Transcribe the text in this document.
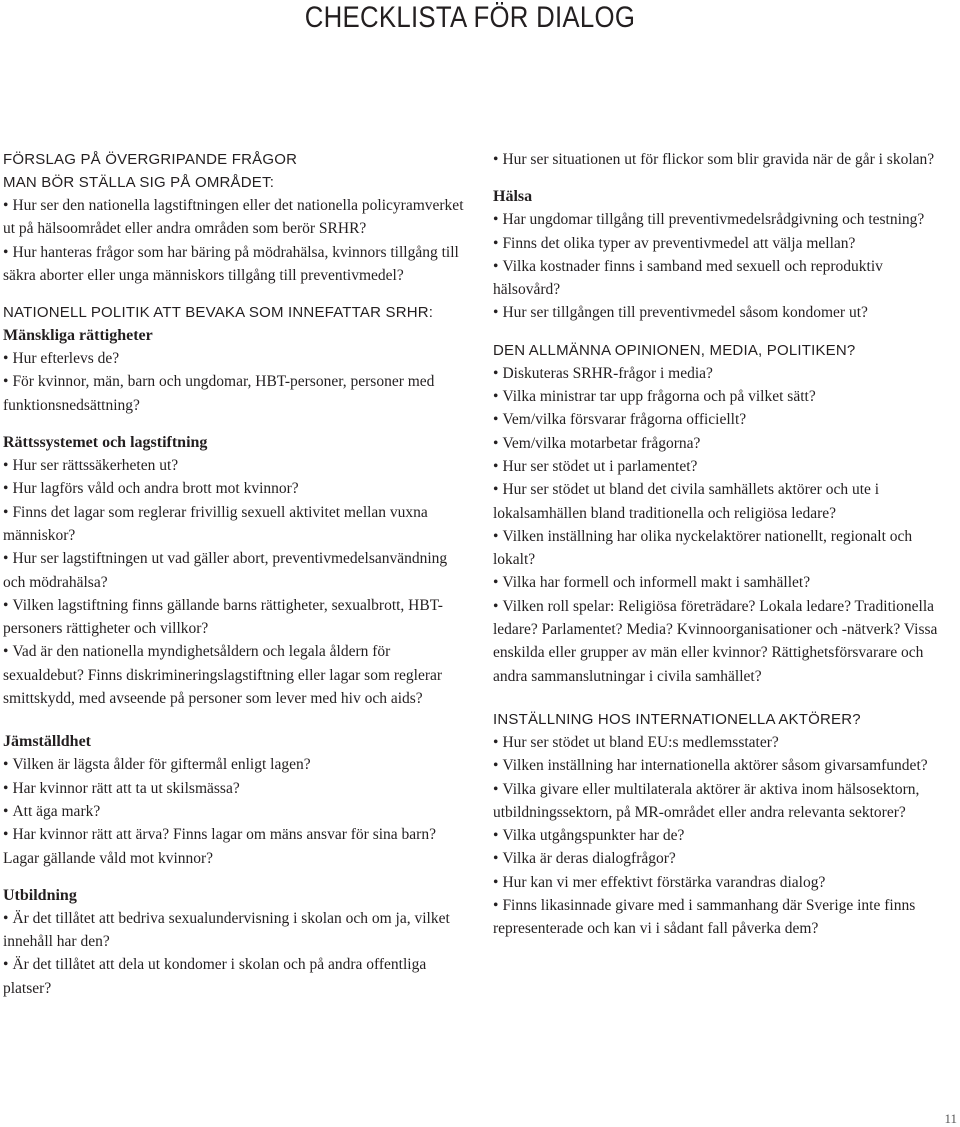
CHECKLISTA FÖR DIALOG
FÖRSLAG PÅ ÖVERGRIPANDE FRÅGOR
MAN BÖR STÄLLA SIG PÅ OMRÅDET:
• Hur ser den nationella lagstiftningen eller det nationella policyramverket ut på hälsoområdet eller andra områden som berör SRHR?
• Hur hanteras frågor som har bäring på mödrahälsa, kvinnors tillgång till säkra aborter eller unga människors tillgång till preventivmedel?
NATIONELL POLITIK ATT BEVAKA SOM INNEFATTAR SRHR:
Mänskliga rättigheter
• Hur efterlevs de?
• För kvinnor, män, barn och ungdomar, HBT-personer, personer med funktionsnedsättning?
Rättssystemet och lagstiftning
• Hur ser rättssäkerheten ut?
• Hur lagförs våld och andra brott mot kvinnor?
• Finns det lagar som reglerar frivillig sexuell aktivitet mellan vuxna människor?
• Hur ser lagstiftningen ut vad gäller abort, preventivmedelsanvändning och mödrahälsa?
• Vilken lagstiftning finns gällande barns rättigheter, sexualbrott, HBT-personers rättigheter och villkor?
• Vad är den nationella myndighetsåldern och legala åldern för sexualdebut? Finns diskrimineringslagstiftning eller lagar som reglerar smittskydd, med avseende på personer som lever med hiv och aids?
Jämställdhet
• Vilken är lägsta ålder för giftermål enligt lagen?
• Har kvinnor rätt att ta ut skilsmässa?
• Att äga mark?
• Har kvinnor rätt att ärva? Finns lagar om mäns ansvar för sina barn? Lagar gällande våld mot kvinnor?
Utbildning
• Är det tillåtet att bedriva sexualundervisning i skolan och om ja, vilket innehåll har den?
• Är det tillåtet att dela ut kondomer i skolan och på andra offentliga platser?
• Hur ser situationen ut för flickor som blir gravida när de går i skolan?
Hälsa
• Har ungdomar tillgång till preventivmedelsrådgivning och testning?
• Finns det olika typer av preventivmedel att välja mellan?
• Vilka kostnader finns i samband med sexuell och reproduktiv hälsovård?
• Hur ser tillgången till preventivmedel såsom kondomer ut?
DEN ALLMÄNNA OPINIONEN, MEDIA, POLITIKEN?
• Diskuteras SRHR-frågor i media?
• Vilka ministrar tar upp frågorna och på vilket sätt?
• Vem/vilka försvarar frågorna officiellt?
• Vem/vilka motarbetar frågorna?
• Hur ser stödet ut i parlamentet?
• Hur ser stödet ut bland det civila samhällets aktörer och ute i lokalsamhällen bland traditionella och religiösa ledare?
• Vilken inställning har olika nyckelaktörer nationellt, regionalt och lokalt?
• Vilka har formell och informell makt i samhället?
• Vilken roll spelar: Religiösa företrädare? Lokala ledare? Traditionella ledare? Parlamentet? Media? Kvinnoorganisationer och -nätverk? Vissa enskilda eller grupper av män eller kvinnor? Rättighetsförsvarare och andra sammanslutningar i civila samhället?
INSTÄLLNING HOS INTERNATIONELLA AKTÖRER?
• Hur ser stödet ut bland EU:s medlemsstater?
• Vilken inställning har internationella aktörer såsom givarsamfundet?
• Vilka givare eller multilaterala aktörer är aktiva inom hälsosektorn, utbildningssektorn, på MR-området eller andra relevanta sektorer?
• Vilka utgångspunkter har de?
• Vilka är deras dialogfrågor?
• Hur kan vi mer effektivt förstärka varandras dialog?
• Finns likasinnade givare med i sammanhang där Sverige inte finns representerade och kan vi i sådant fall påverka dem?
11
